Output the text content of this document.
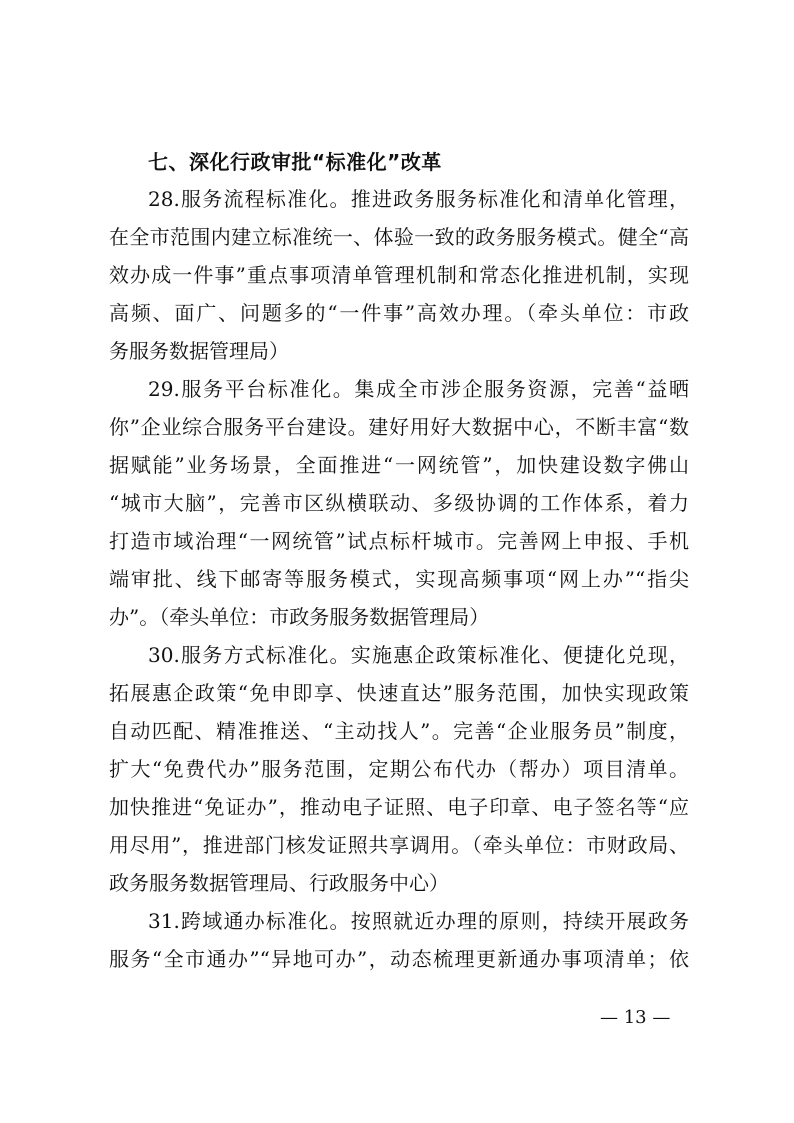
七、深化行政审批“标准化”改革
28.服务流程标准化。推进政务服务标准化和清单化管理，
在全市范围内建立标准统一、体验一致的政务服务模式。健全“高
效办成一件事”重点事项清单管理机制和常态化推进机制，实现
高频、面广、问题多的“一件事”高效办理。（牵头单位：市政
务服务数据管理局）
29.服务平台标准化。集成全市涉企服务资源，完善“益晒
你”企业综合服务平台建设。建好用好大数据中心，不断丰富“数
据赋能”业务场景，全面推进“一网统管”，加快建设数字佛山
“城市大脑”，完善市区纵横联动、多级协调的工作体系，着力
打造市域治理“一网统管”试点标杆城市。完善网上申报、手机
端审批、线下邮寄等服务模式，实现高频事项“网上办”“指尖
办”。（牵头单位：市政务服务数据管理局）
30.服务方式标准化。实施惠企政策标准化、便捷化兑现，
拓展惠企政策“免申即享、快速直达”服务范围，加快实现政策
自动匹配、精准推送、“主动找人”。完善“企业服务员”制度，
扩大“免费代办”服务范围，定期公布代办（帮办）项目清单。
加快推进“免证办”，推动电子证照、电子印章、电子签名等“应
用尽用”，推进部门核发证照共享调用。（牵头单位：市财政局、
政务服务数据管理局、行政服务中心）
31.跨域通办标准化。按照就近办理的原则，持续开展政务
服务“全市通办”“异地可办”，动态梳理更新通办事项清单；依
— 13 —
